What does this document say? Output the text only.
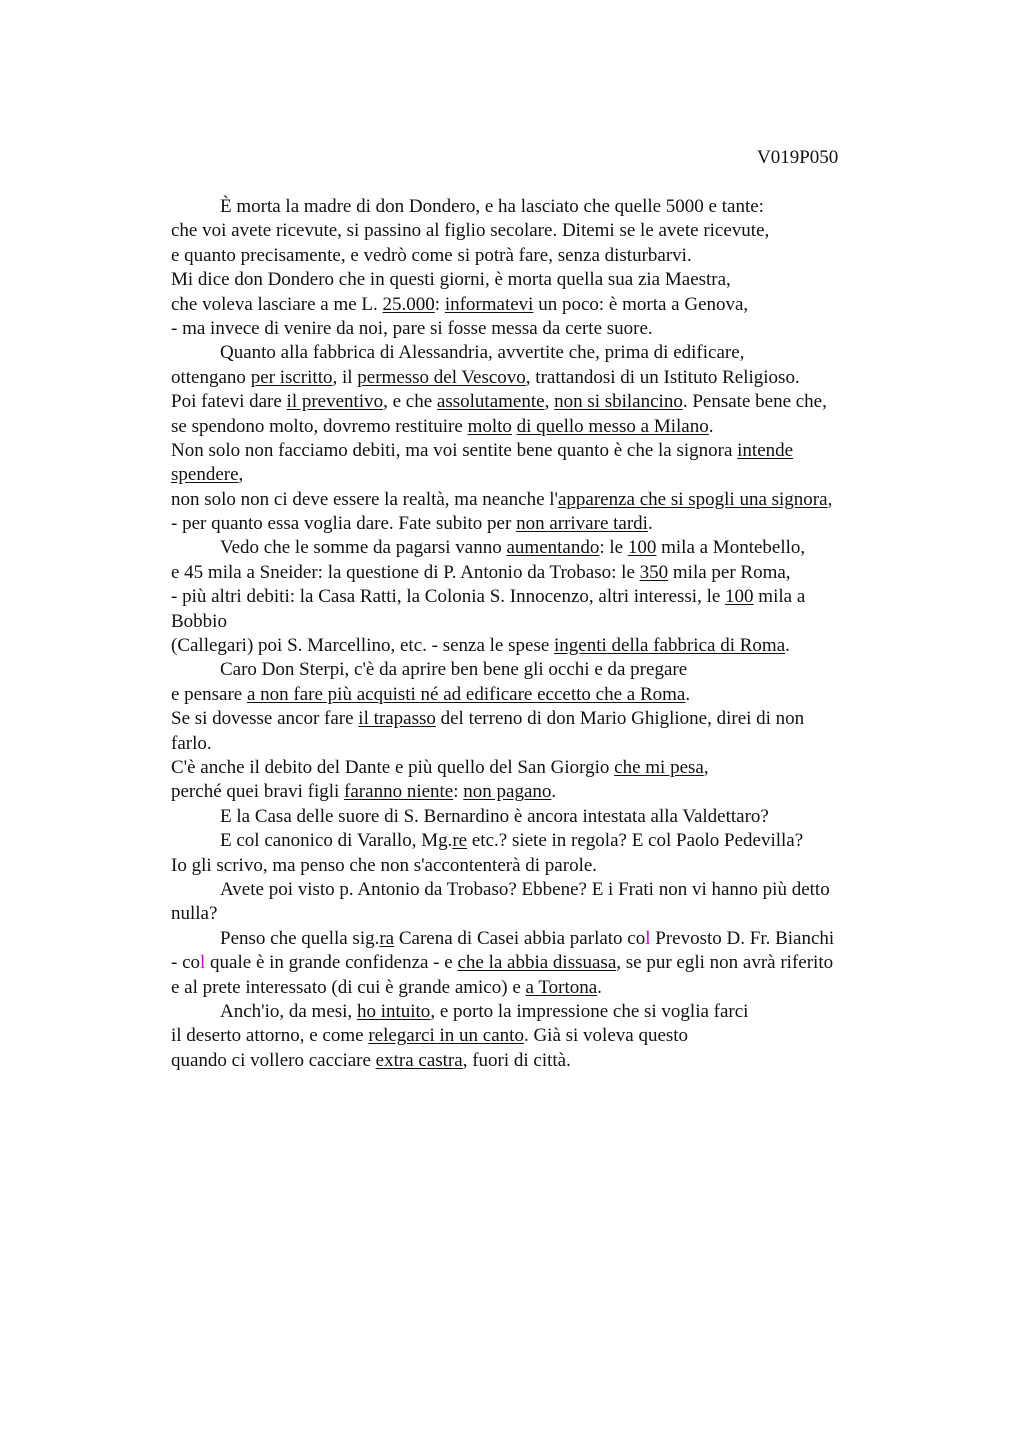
V019P050
È morta la madre di don Dondero, e ha lasciato che quelle 5000 e tante:
che voi avete ricevute, si passino al figlio secolare. Ditemi se le avete ricevute,
e quanto precisamente, e vedrò come si potrà fare, senza disturbarvi.
Mi dice don Dondero che in questi giorni, è morta quella sua zia Maestra,
che voleva lasciare a me L. 25.000: informatevi un poco: è morta a Genova,
- ma invece di venire da noi, pare si fosse messa da certe suore.
Quanto alla fabbrica di Alessandria, avvertite che, prima di edificare,
ottengano per iscritto, il permesso del Vescovo, trattandosi di un Istituto Religioso.
Poi fatevi dare il preventivo, e che assolutamente, non si sbilancino. Pensate bene che,
se spendono molto, dovremo restituire molto di quello messo a Milano.
Non solo non facciamo debiti, ma voi sentite bene quanto è che la signora intende
spendere,
non solo non ci deve essere la realtà, ma neanche l'apparenza che si spogli una signora,
- per quanto essa voglia dare. Fate subito per non arrivare tardi.
Vedo che le somme da pagarsi vanno aumentando: le 100 mila a Montebello,
e 45 mila a Sneider: la questione di P. Antonio da Trobaso: le 350 mila per Roma,
- più altri debiti: la Casa Ratti, la Colonia S. Innocenzo, altri interessi, le 100 mila a
Bobbio
(Callegari) poi S. Marcellino, etc. - senza le spese ingenti della fabbrica di Roma.
Caro Don Sterpi, c'è da aprire ben bene gli occhi e da pregare
e pensare a non fare più acquisti né ad edificare eccetto che a Roma.
Se si dovesse ancor fare il trapasso del terreno di don Mario Ghiglione, direi di non
farlo.
C'è anche il debito del Dante e più quello del San Giorgio che mi pesa,
perché quei bravi figli faranno niente: non pagano.
E la Casa delle suore di S. Bernardino è ancora intestata alla Valdettaro?
E col canonico di Varallo, Mg.re etc.? siete in regola? E col Paolo Pedevilla?
Io gli scrivo, ma penso che non s'accontenterà di parole.
Avete poi visto p. Antonio da Trobaso? Ebbene? E i Frati non vi hanno più detto
nulla?
Penso che quella sig.ra Carena di Casei abbia parlato col Prevosto D. Fr. Bianchi
- col quale è in grande confidenza - e che la abbia dissuasa, se pur egli non avrà riferito
e al prete interessato (di cui è grande amico) e a Tortona.
Anch'io, da mesi, ho intuito, e porto la impressione che si voglia farci
il deserto attorno, e come relegarci in un canto. Già si voleva questo
quando ci vollero cacciare extra castra, fuori di città.
